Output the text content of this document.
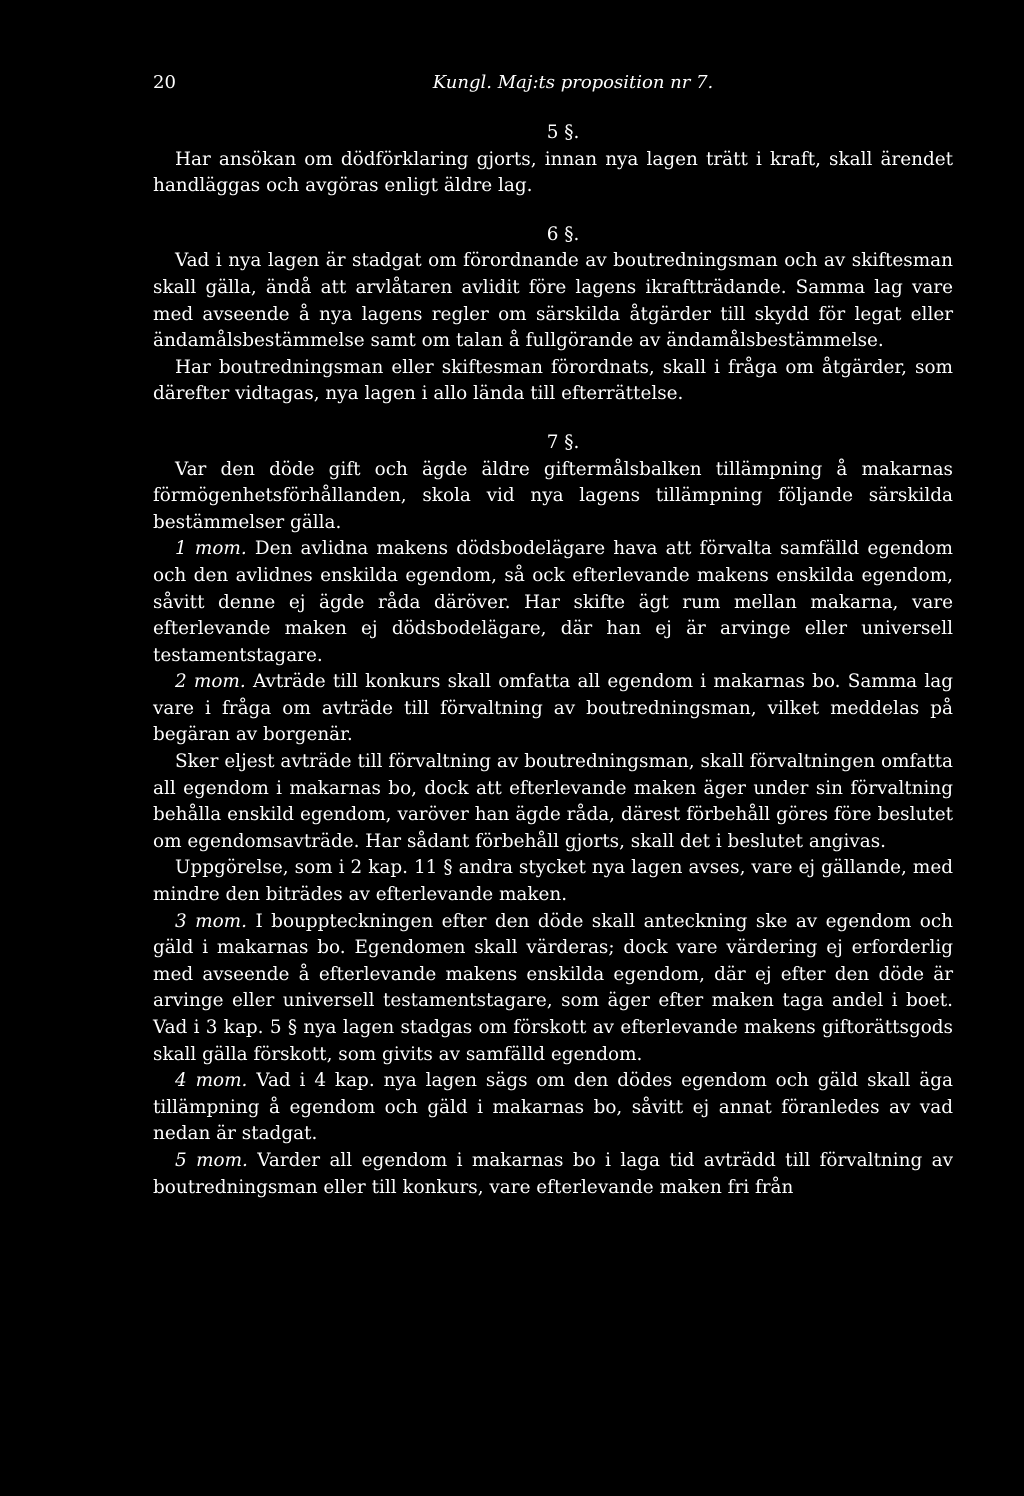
20	Kungl. Maj:ts proposition nr 7.

5 §.

Har ansökan om dödförklaring gjorts, innan nya lagen trätt i kraft, skall ärendet handläggas och avgöras enligt äldre lag.

6 §.

Vad i nya lagen är stadgat om förordnande av boutredningsman och av skiftesman skall gälla, ändå att arvlåtaren avlidit före lagens ikraftträdande. Samma lag vare med avseende å nya lagens regler om särskilda åtgärder till skydd för legat eller ändamålsbestämmelse samt om talan å fullgörande av ändamålsbestämmelse.

Har boutredningsman eller skiftesman förordnats, skall i fråga om åtgärder, som därefter vidtagas, nya lagen i allo lända till efterrättelse.

7 §.

Var den döde gift och ägde äldre giftermålsbalken tillämpning å makarnas förmögenhetsförhållanden, skola vid nya lagens tillämpning följande särskilda bestämmelser gälla.

1 mom. Den avlidna makens dödsbodelägare hava att förvalta samfälld egendom och den avlidnes enskilda egendom, så ock efterlevande makens enskilda egendom, såvitt denne ej ägde råda däröver. Har skifte ägt rum mellan makarna, vare efterlevande maken ej dödsbodelägare, där han ej är arvinge eller universell testamentstagare.

2 mom. Avträde till konkurs skall omfatta all egendom i makarnas bo. Samma lag vare i fråga om avträde till förvaltning av boutredningsman, vilket meddelas på begäran av borgenär.

Sker eljest avträde till förvaltning av boutredningsman, skall förvaltningen omfatta all egendom i makarnas bo, dock att efterlevande maken äger under sin förvaltning behålla enskild egendom, varöver han ägde råda, därest förbehåll göres före beslutet om egendomsavträde. Har sådant förbehåll gjorts, skall det i beslutet angivas.

Uppgörelse, som i 2 kap. 11 § andra stycket nya lagen avses, vare ej gällande, med mindre den biträdes av efterlevande maken.

3 mom. I bouppteckningen efter den döde skall anteckning ske av egendom och gäld i makarnas bo. Egendomen skall värderas; dock vare värdering ej erforderlig med avseende å efterlevande makens enskilda egendom, där ej efter den döde är arvinge eller universell testamentstagare, som äger efter maken taga andel i boet. Vad i 3 kap. 5 § nya lagen stadgas om förskott av efterlevande makens giftorättsgods skall gälla förskott, som givits av samfälld egendom.

4 mom. Vad i 4 kap. nya lagen sägs om den dödes egendom och gäld skall äga tillämpning å egendom och gäld i makarnas bo, såvitt ej annat föranledes av vad nedan är stadgat.

5 mom. Varder all egendom i makarnas bo i laga tid avträdd till förvaltning av boutredningsman eller till konkurs, vare efterlevande maken fri från
